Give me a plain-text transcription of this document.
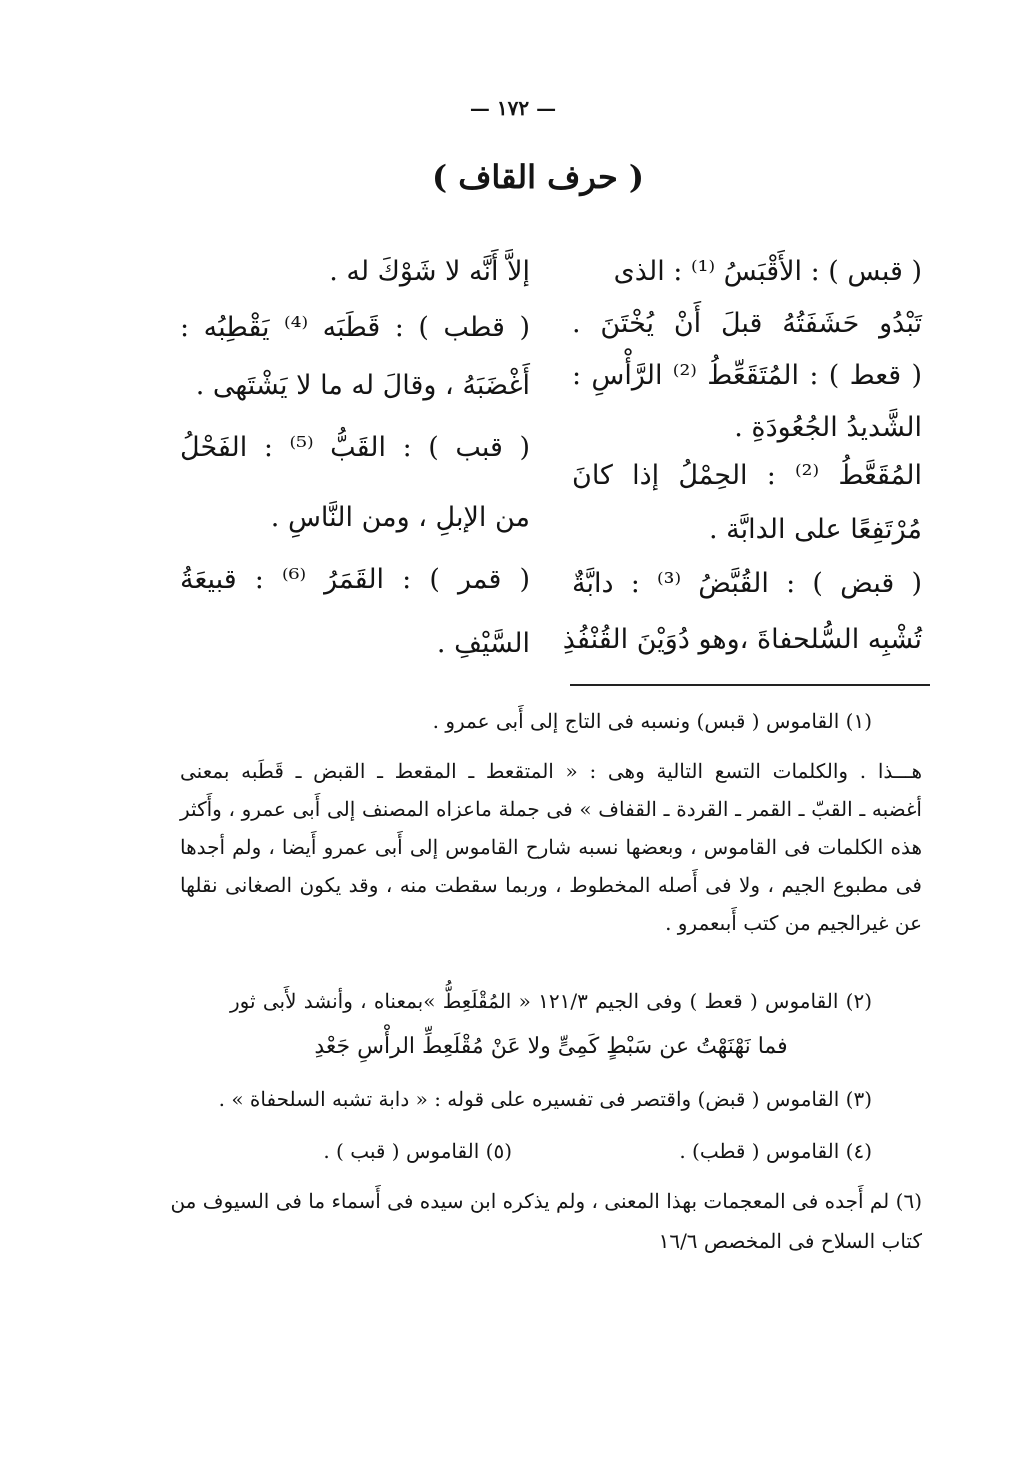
— ١٧٢ —
( حرف القاف )
( قبس ) : الأَقْبَسُ ⁽¹⁾ : الذى
تَبْدُو حَشَفَتُهُ قبلَ أَنْ يُخْتَنَ .
( قعط ) : المُتَقَعِّطُ ⁽²⁾ الرَّأْسِ :
الشَّديدُ الجُعُودَةِ .
المُقَعَّطُ ⁽²⁾ : الحِمْلُ إذا كانَ
مُرْتَفِعًا على الدابَّة .
( قبض ) : القُبَّضُ ⁽³⁾ : دابَّةٌ
تُشْبِه السُّلحفاةَ ،وهو دُوَيْنَ القُنْفُذِ
إلاَّ أَنَّه لا شَوْكَ له .
( قطب ) : قَطَبَه ⁽⁴⁾ يَقْطِبُه :
أَغْضَبَهُ ، وقالَ له ما لا يَشْتَهى .
( قبب ) : القَبُّ ⁽⁵⁾ : الفَحْلُ
من الإبلِ ، ومن النَّاسِ .
( قمر ) : القَمَرُ ⁽⁶⁾ : قبيعَةُ
السَّيْفِ .
(١) القاموس ( قبس) ونسبه فى التاج إلى أَبى عمرو .
هـــذا . والكلمات التسع التالية وهى : « المتقعط ـ المقعط ـ القبض ـ قَطَبه بمعنى
أغضبه ـ القبّ ـ القمر ـ القردة ـ القفاف » فى جملة ماعزاه المصنف إلى أَبى عمرو ، وأَكثر
هذه الكلمات فى القاموس ، وبعضها نسبه شارح القاموس إلى أَبى عمرو أَيضا ، ولم أجدها
فى مطبوع الجيم ، ولا فى أَصله المخطوط ، وربما سقطت منه ، وقد يكون الصغانى نقلها
عن غيرالجيم من كتب أَبىعمرو .
(٢) القاموس ( قعط ) وفى الجيم ١٢١/٣ « المُقْلَعِطُّ »بمعناه ، وأنشد لأَبى ثور
فما نَهْنَهْتُ عن سَبْطٍ كَمِىٍّ ولا عَنْ مُقْلَعِطِّ الرأْسِ جَعْدِ
(٣) القاموس ( قبض) واقتصر فى تفسيره على قوله : « دابة تشبه السلحفاة » .
(٤) القاموس ( قطب) .
(٥) القاموس ( قبب ) .
(٦) لم أَجده فى المعجمات بهذا المعنى ، ولم يذكره ابن سيده فى أَسماء ما فى السيوف من
كتاب السلاح فى المخصص ١٦/٦
